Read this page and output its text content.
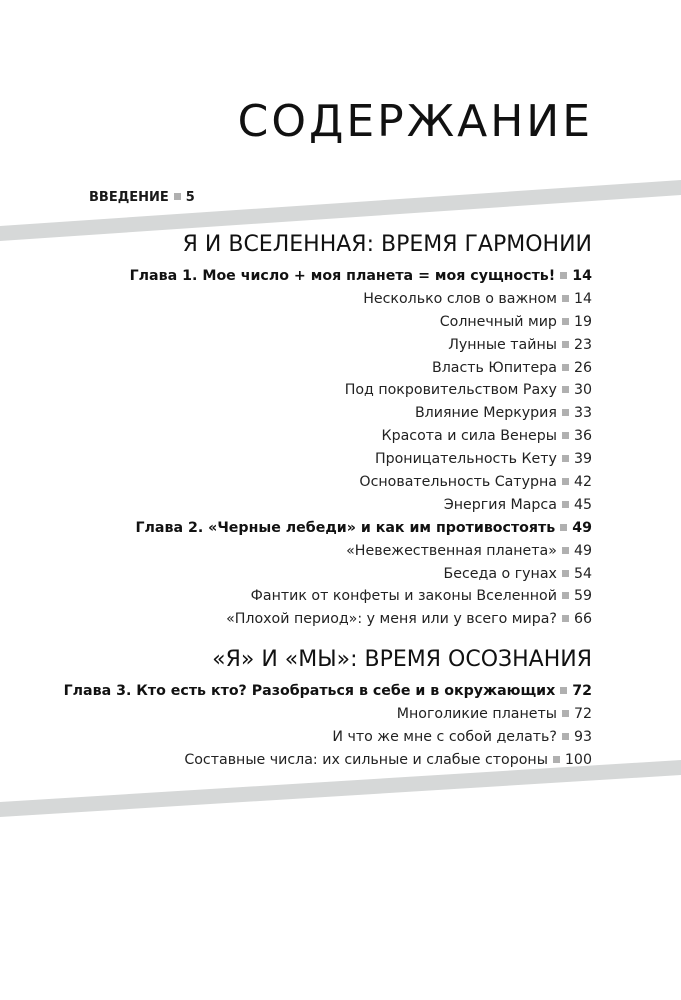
СОДЕРЖАНИЕ
ВВЕДЕНИЕ 5
Я И ВСЕЛЕННАЯ: ВРЕМЯ ГАРМОНИИ
Глава 1. Мое число + моя планета = моя сущность! 14
Несколько слов о важном 14
Солнечный мир 19
Лунные тайны 23
Власть Юпитера 26
Под покровительством Раху 30
Влияние Меркурия 33
Красота и сила Венеры 36
Проницательность Кету 39
Основательность Сатурна 42
Энергия Марса 45
Глава 2. «Черные лебеди» и как им противостоять 49
«Невежественная планета» 49
Беседа о гунах 54
Фантик от конфеты и законы Вселенной 59
«Плохой период»: у меня или у всего мира? 66
«Я» И «МЫ»: ВРЕМЯ ОСОЗНАНИЯ
Глава 3. Кто есть кто? Разобраться в себе и в окружающих 72
Многоликие планеты 72
И что же мне с собой делать? 93
Составные числа: их сильные и слабые стороны 100
